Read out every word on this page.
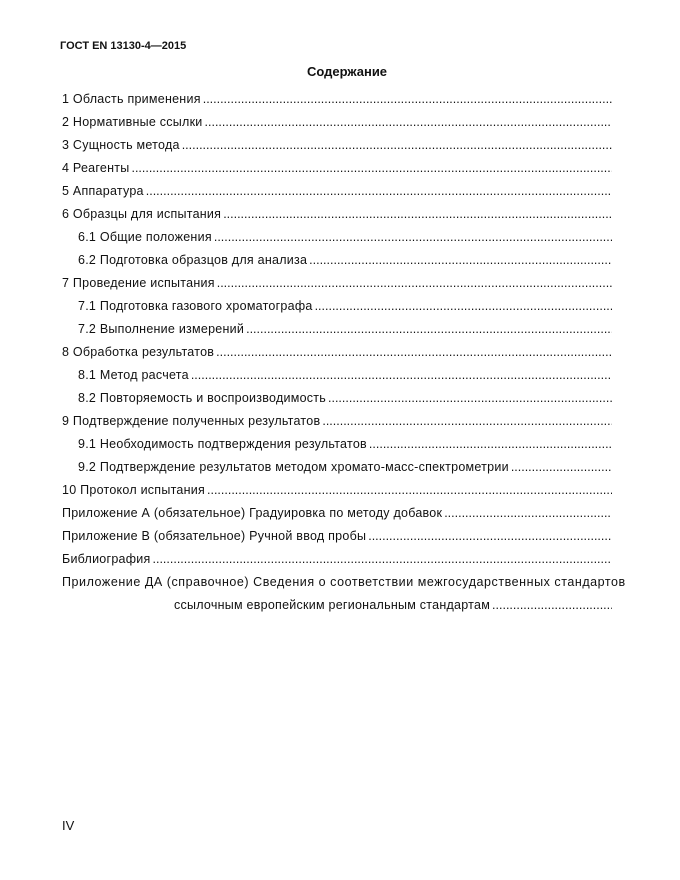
ГОСТ EN 13130-4—2015
Содержание
1 Область применения
.....
2 Нормативные ссылки
.....
3 Сущность метода
.....
4 Реагенты
.....
5 Аппаратура
.....
6 Образцы для испытания
.....
6.1 Общие положения
.....
6.2 Подготовка образцов для анализа
.....
7 Проведение испытания
.....
7.1 Подготовка газового хроматографа
.....
7.2 Выполнение измерений
.....
8 Обработка результатов
.....
8.1 Метод расчета
.....
8.2 Повторяемость и воспроизводимость
.....
9 Подтверждение полученных результатов
.....
9.1 Необходимость подтверждения результатов
.....
9.2 Подтверждение результатов методом хромато-масс-спектрометрии
.....
10 Протокол испытания
.....
Приложение А (обязательное) Градуировка по методу добавок
.....
Приложение В (обязательное) Ручной ввод пробы
.....
Библиография
.....
Приложение ДА (справочное) Сведения о соответствии межгосударственных стандартов
ссылочным европейским региональным стандартам
.....
IV
